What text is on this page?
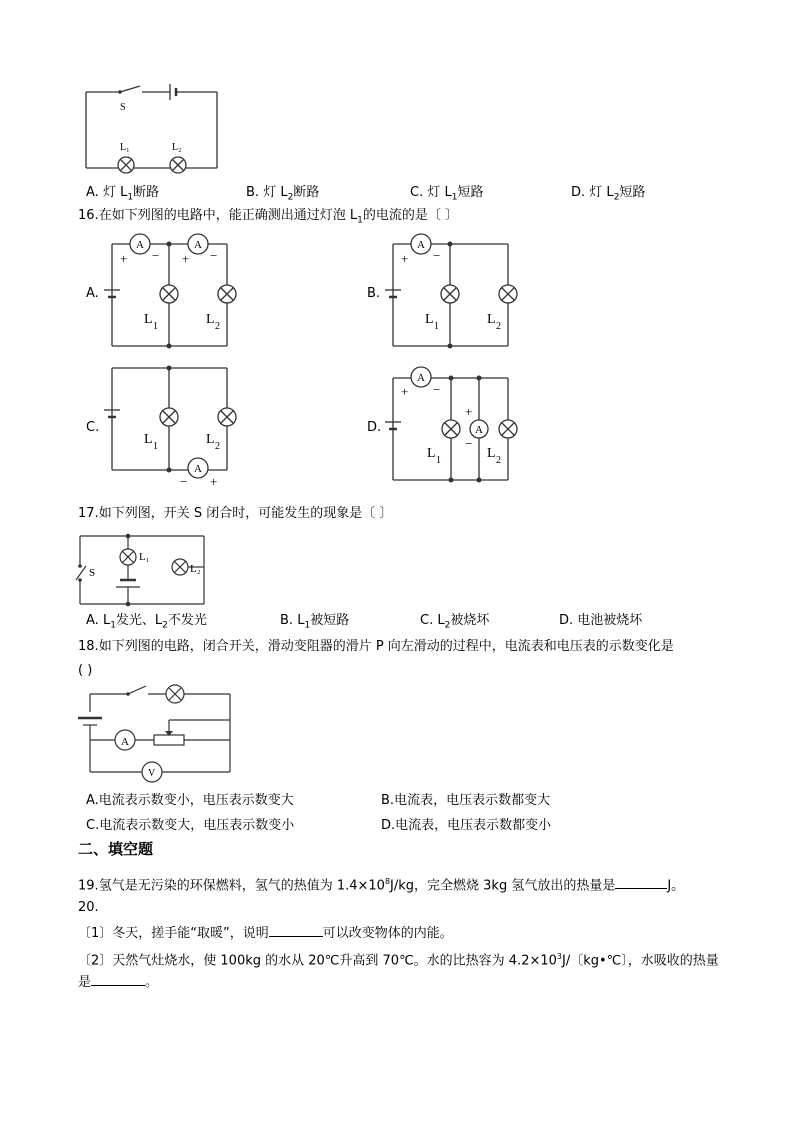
S
L₁	L₂
A. 灯 $L_1$断路	B. 灯 $L_2$断路	C. 灯 $L_1$短路	D. 灯 $L_2$短路
16.在如下列图的电路中，能正确测出通过灯泡 $L_1$的电流的是〔 〕
A.	B.
C.	D.
A	A
+ − + −
L 1	L 2
A
+ −
L 1	L 2
A
− +
L 1	L 2
A
A
+ −
+
−
L 1	L 2
17.如下列图，开关 S 闭合时，可能发生的现象是〔 〕
S
L₁
L₂
A. $L_1$发光、$L_2$不发光	B. $L_1$被短路	C. $L_2$被烧坏	D. 电池被烧坏
18.如下列图的电路，闭合开关，滑动变阻器的滑片 P 向左滑动的过程中，电流表和电压表的示数变化是
( )
A
V
A.电流表示数变小，电压表示数变大	B.电流表，电压表示数都变大
C.电流表示数变大，电压表示数变小	D.电流表，电压表示数都变小
二、填空题
19.氢气是无污染的环保燃料，氢气的热值为 $1.4\times 10^8J/kg$，完全燃烧 3kg 氢气放出的热量是	J。
20.
〔1〕冬天，搓手能“取暖”，说明	可以改变物体的内能。
〔2〕天然气灶烧水，使 100kg 的水从 20℃升高到 70℃。水的比热容为 $4.2\times 10^3J/$〔kg•℃〕，水吸收的热量
是	。
